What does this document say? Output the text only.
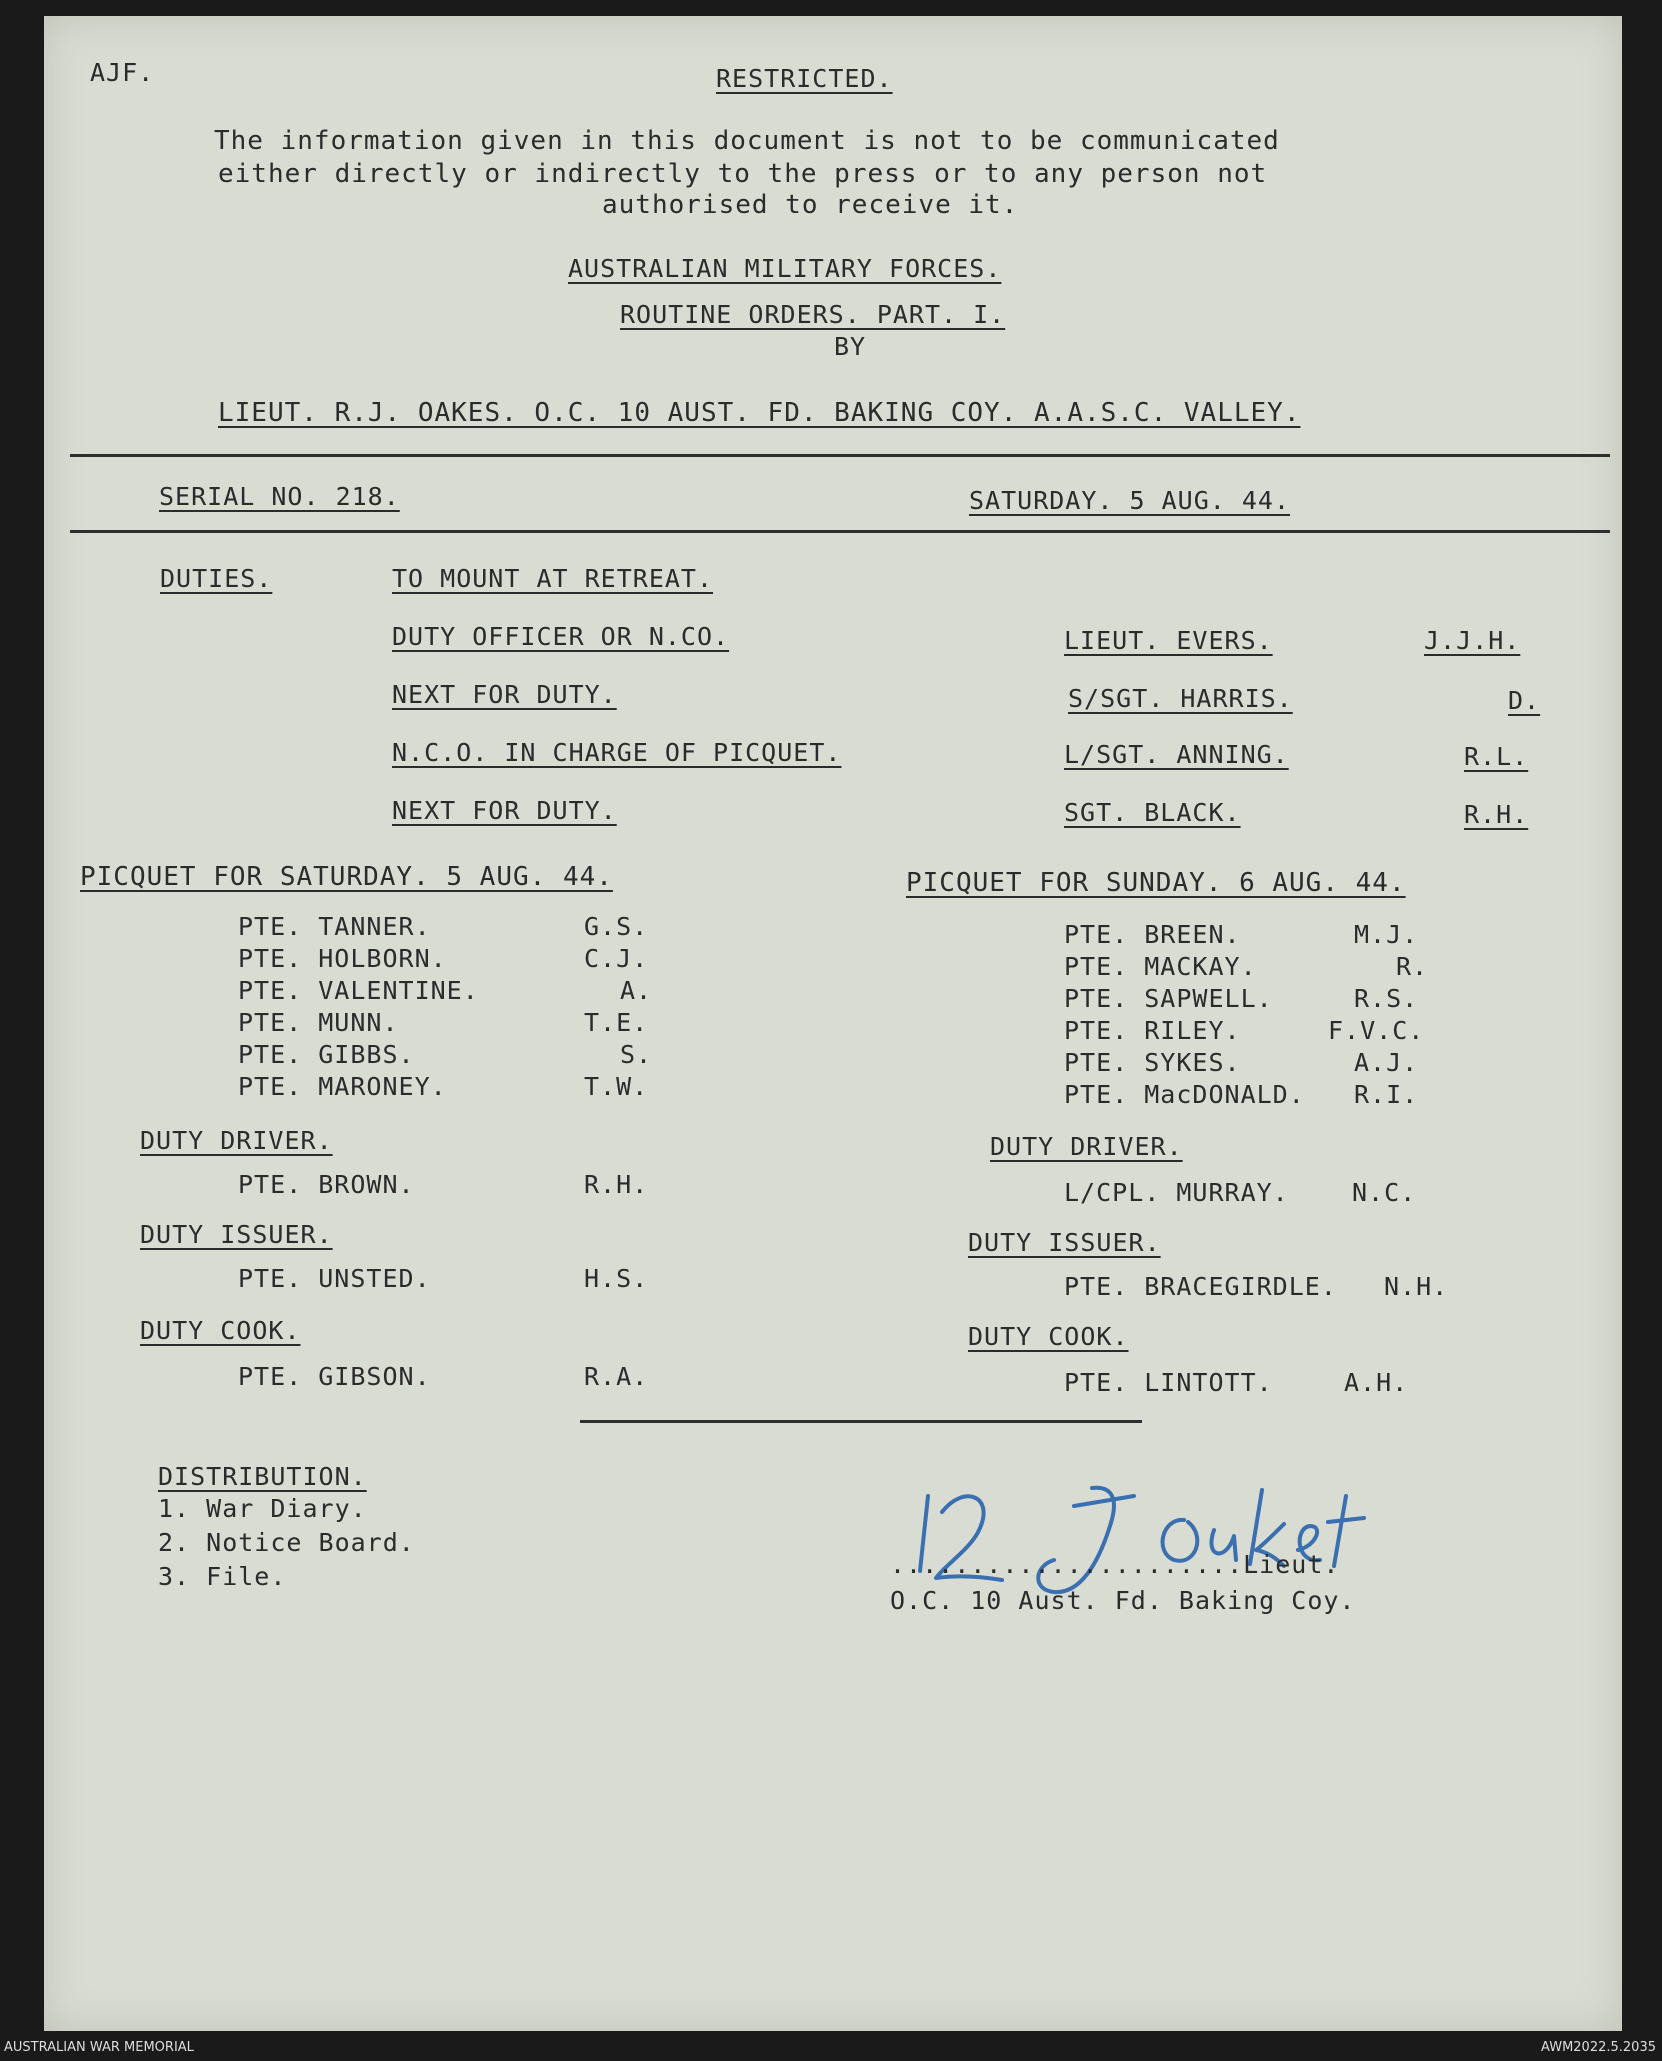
AJF.	RESTRICTED.
The information given in this document is not to be communicated
either directly or indirectly to the press or to any person not
authorised to receive it.
AUSTRALIAN MILITARY FORCES.
ROUTINE ORDERS. PART. I.
BY
LIEUT. R.J. OAKES. O.C. 10 AUST. FD. BAKING COY. A.A.S.C. VALLEY.
SERIAL NO. 218.	SATURDAY. 5 AUG. 44.
DUTIES.	TO MOUNT AT RETREAT.
DUTY OFFICER OR N.CO.	LIEUT. EVERS.	J.J.H.
NEXT FOR DUTY.	S/SGT. HARRIS.	D.
N.C.O. IN CHARGE OF PICQUET.	L/SGT. ANNING.	R.L.
NEXT FOR DUTY.	SGT. BLACK.	R.H.
PICQUET FOR SATURDAY. 5 AUG. 44.
PTE. TANNER.	G.S.
PTE. HOLBORN.	C.J.
PTE. VALENTINE.	A.
PTE. MUNN.	T.E.
PTE. GIBBS.	S.
PTE. MARONEY.	T.W.
DUTY DRIVER.
PTE. BROWN.	R.H.
DUTY ISSUER.
PTE. UNSTED.	H.S.
DUTY COOK.
PTE. GIBSON.	R.A.
PICQUET FOR SUNDAY. 6 AUG. 44.
PTE. BREEN.	M.J.
PTE. MACKAY.	R.
PTE. SAPWELL.	R.S.
PTE. RILEY.	F.V.C.
PTE. SYKES.	A.J.
PTE. MacDONALD. R.I.
DUTY DRIVER.
L/CPL. MURRAY.	N.C.
DUTY ISSUER.
PTE. BRACEGIRDLE. N.H.
DUTY COOK.
PTE. LINTOTT.	A.H.
DISTRIBUTION.
1. War Diary.
2. Notice Board.
3. File.	......................Lieut.
O.C. 10 Aust. Fd. Baking Coy.
AUSTRALIAN WAR MEMORIAL	AWM2022.5.2035
